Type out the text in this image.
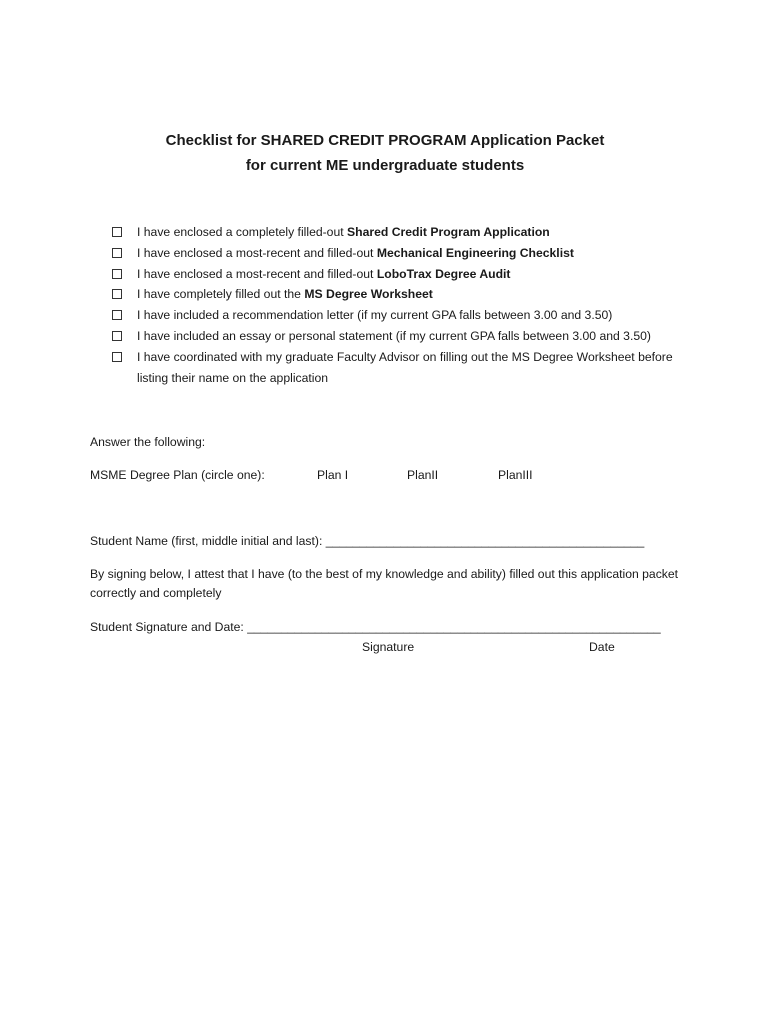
Checklist for SHARED CREDIT PROGRAM Application Packet
for current ME undergraduate students
I have enclosed a completely filled-out Shared Credit Program Application
I have enclosed a most-recent and filled-out Mechanical Engineering Checklist
I have enclosed a most-recent and filled-out LoboTrax Degree Audit
I have completely filled out the MS Degree Worksheet
I have included a recommendation letter (if my current GPA falls between 3.00 and 3.50)
I have included an essay or personal statement (if my current GPA falls between 3.00 and 3.50)
I have coordinated with my graduate Faculty Advisor on filling out the MS Degree Worksheet before listing their name on the application
Answer the following:
MSME Degree Plan (circle one):	Plan I	PlanII	PlanIII
Student Name (first, middle initial and last): _______________________________________________
By signing below, I attest that I have (to the best of my knowledge and ability) filled out this application packet correctly and completely
Student Signature and Date: _____________________________________________________________
Signature	Date
